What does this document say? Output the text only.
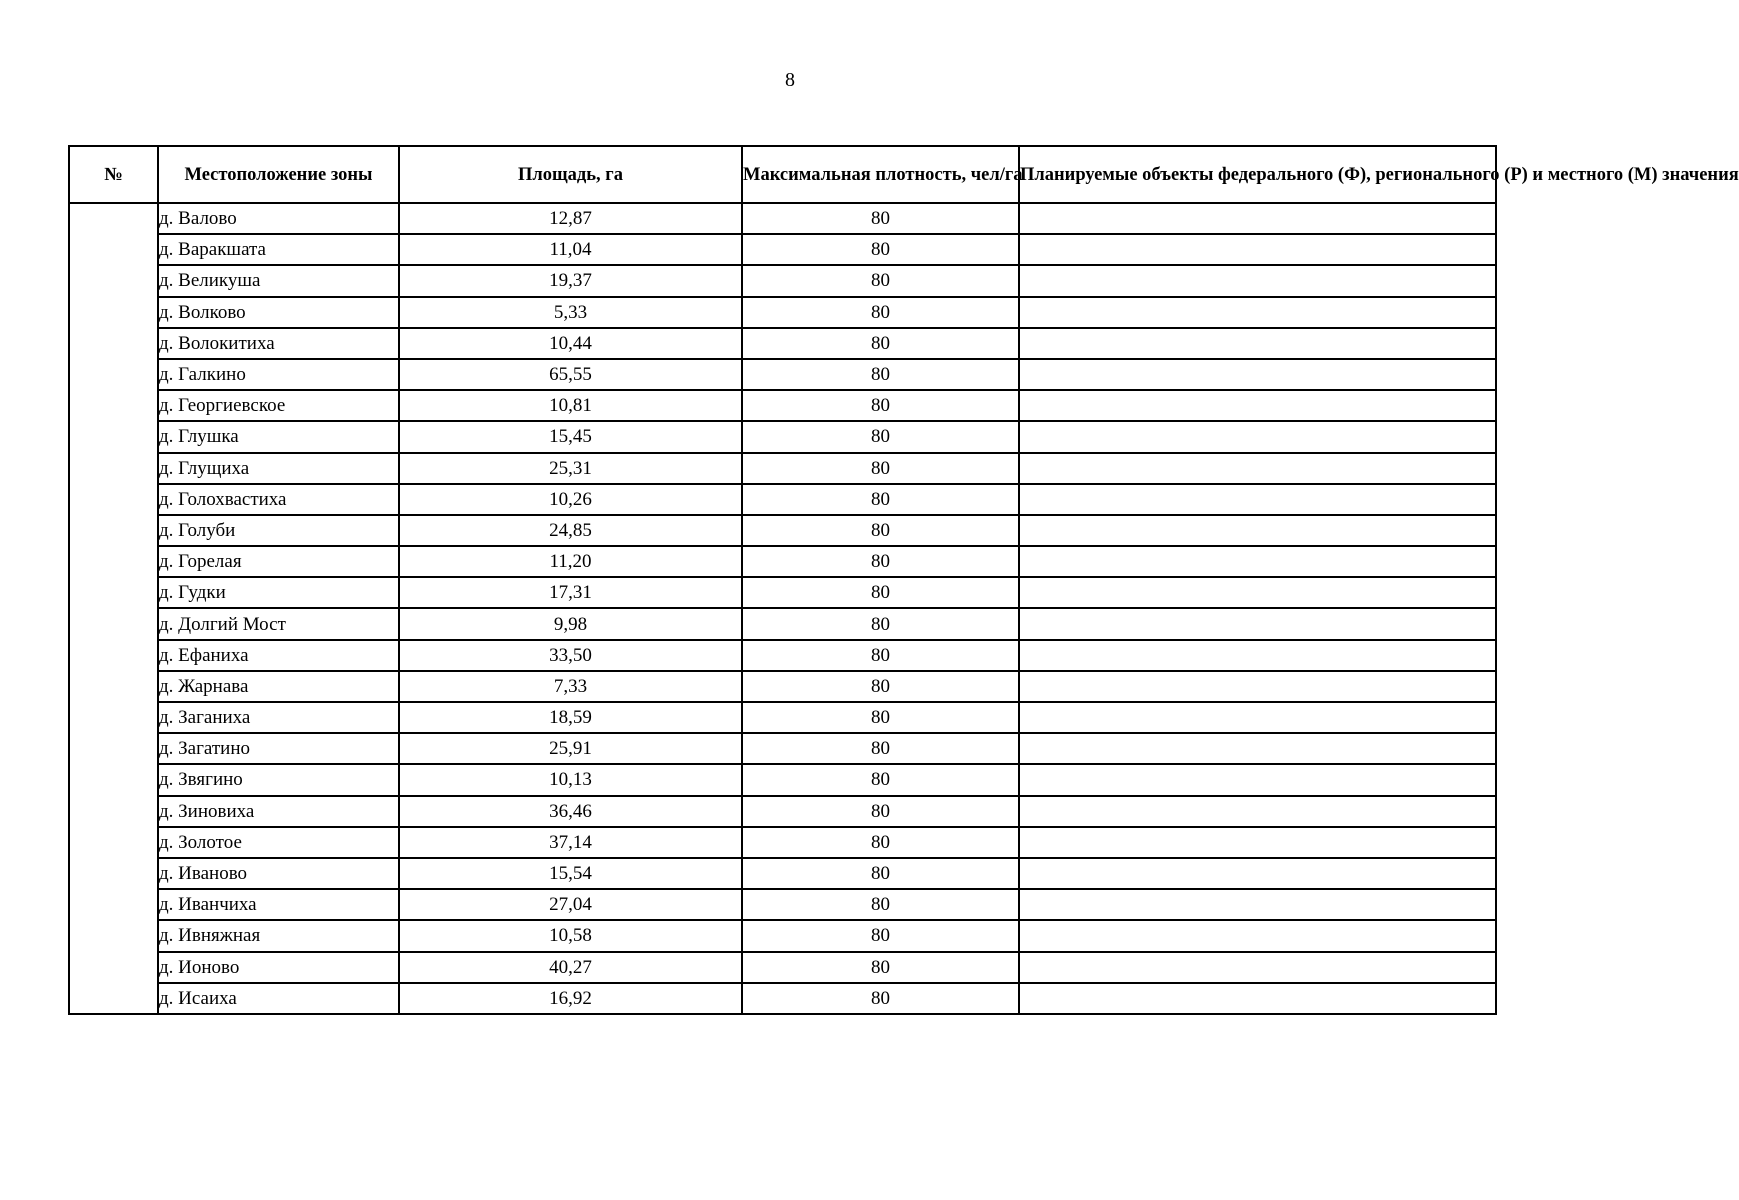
8
№	Местоположение зоны	Площадь, га	Максимальная плотность, чел/га	Планируемые объекты федерального (Ф), регионального (Р) и местного (М) значения
	д. Валово	12,87	80	
	д. Варакшата	11,04	80	
	д. Великуша	19,37	80	
	д. Волково	5,33	80	
	д. Волокитиха	10,44	80	
	д. Галкино	65,55	80	
	д. Георгиевское	10,81	80	
	д. Глушка	15,45	80	
	д. Глущиха	25,31	80	
	д. Голохвастиха	10,26	80	
	д. Голуби	24,85	80	
	д. Горелая	11,20	80	
	д. Гудки	17,31	80	
	д. Долгий Мост	9,98	80	
	д. Ефаниха	33,50	80	
	д. Жарнава	7,33	80	
	д. Заганиха	18,59	80	
	д. Загатино	25,91	80	
	д. Звягино	10,13	80	
	д. Зиновиха	36,46	80	
	д. Золотое	37,14	80	
	д. Иваново	15,54	80	
	д. Иванчиха	27,04	80	
	д. Ивняжная	10,58	80	
	д. Ионово	40,27	80	
	д. Исаиха	16,92	80	
